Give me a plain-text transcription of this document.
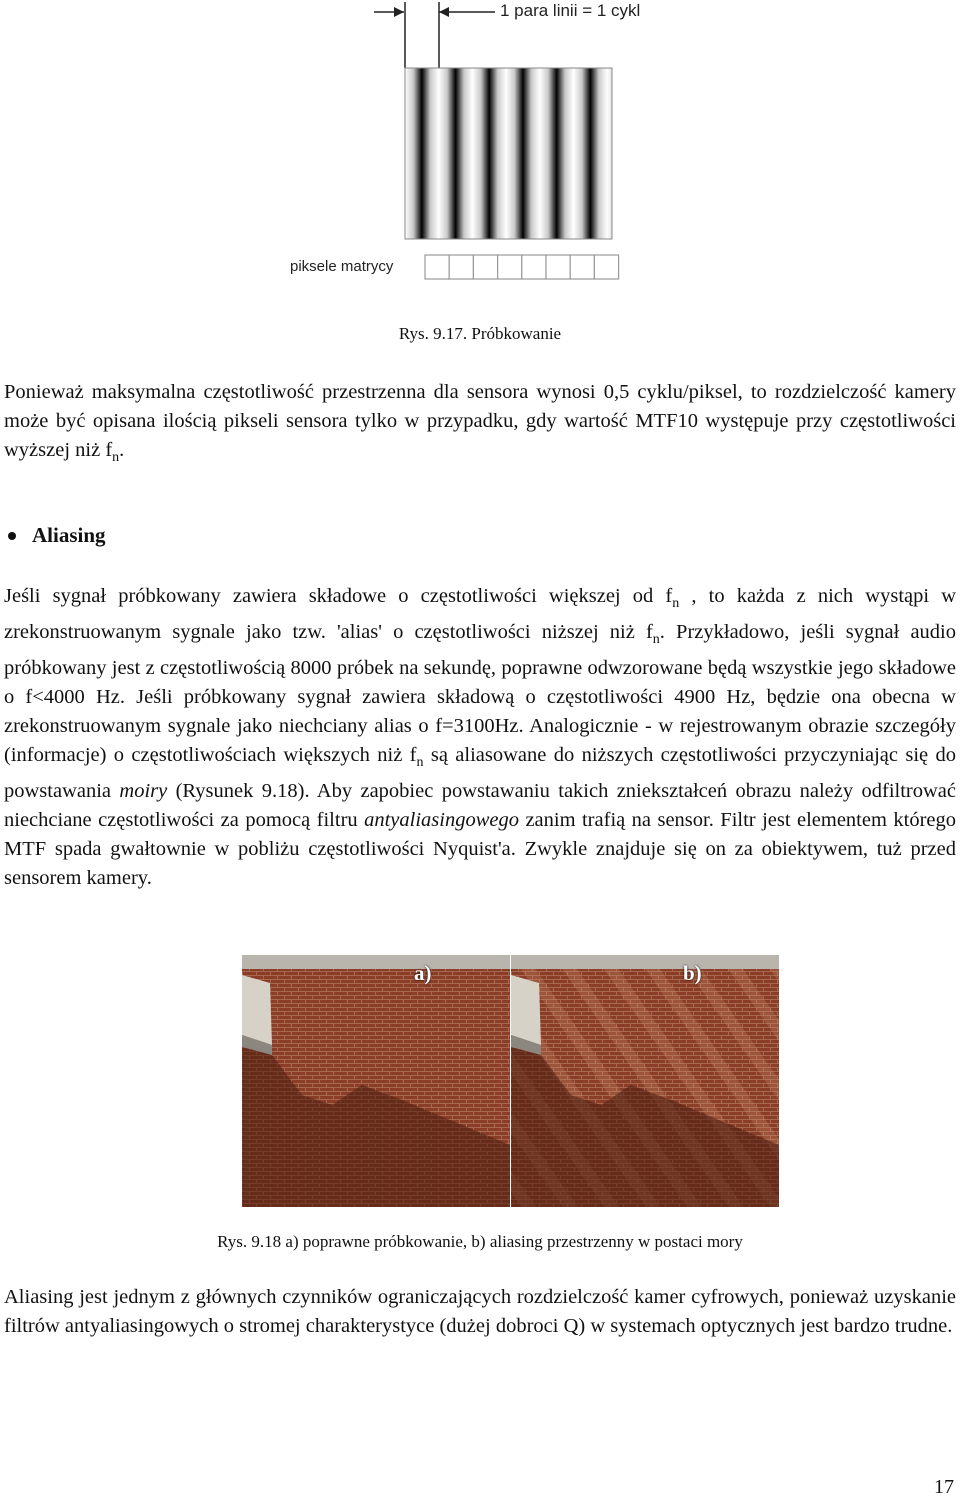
1 para linii = 1 cykl
piksele matrycy
Rys. 9.17. Próbkowanie

Ponieważ maksymalna częstotliwość przestrzenna dla sensora wynosi 0,5 cyklu/piksel, to rozdzielczość kamery może być opisana ilością pikseli sensora tylko w przypadku, gdy wartość MTF10 występuje przy częstotliwości wyższej niż $f_n$.

Aliasing

Jeśli sygnał próbkowany zawiera składowe o częstotliwości większej od $f_n$ , to każda z nich wystąpi w zrekonstruowanym sygnale jako tzw. 'alias' o częstotliwości niższej niż $f_n$. Przykładowo, jeśli sygnał audio próbkowany jest z częstotliwością 8000 próbek na sekundę, poprawne odwzorowane będą wszystkie jego składowe o f<4000 Hz. Jeśli próbkowany sygnał zawiera składową o częstotliwości 4900 Hz, będzie ona obecna w zrekonstruowanym sygnale jako niechciany alias o f=3100Hz. Analogicznie - w rejestrowanym obrazie szczegóły (informacje) o częstotliwościach większych niż $f_n$ są aliasowane do niższych częstotliwości przyczyniając się do powstawania moiry (Rysunek 9.18). Aby zapobiec powstawaniu takich zniekształceń obrazu należy odfiltrować niechciane częstotliwości za pomocą filtru antyaliasingowego zanim trafią na sensor. Filtr jest elementem którego MTF spada gwałtownie w pobliżu częstotliwości Nyquist'a. Zwykle znajduje się on za obiektywem, tuż przed sensorem kamery.

a)	b)
Rys. 9.18 a) poprawne próbkowanie, b) aliasing przestrzenny w postaci mory

Aliasing jest jednym z głównych czynników ograniczających rozdzielczość kamer cyfrowych, ponieważ uzyskanie filtrów antyaliasingowych o stromej charakterystyce (dużej dobroci Q) w systemach optycznych jest bardzo trudne.

17
